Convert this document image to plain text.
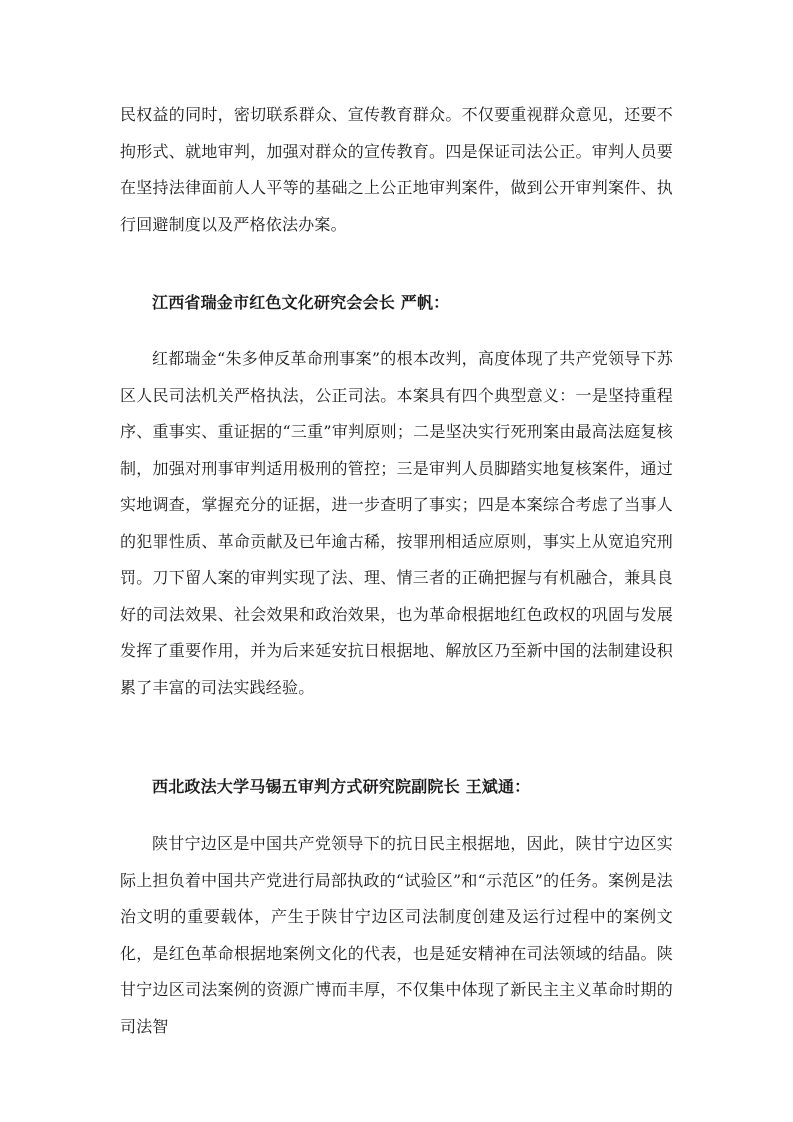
民权益的同时，密切联系群众、宣传教育群众。不仅要重视群众意见，还要不拘形式、就地审判，加强对群众的宣传教育。四是保证司法公正。审判人员要在坚持法律面前人人平等的基础之上公正地审判案件，做到公开审判案件、执行回避制度以及严格依法办案。

江西省瑞金市红色文化研究会会长 严帆：

红都瑞金“朱多伸反革命刑事案”的根本改判，高度体现了共产党领导下苏区人民司法机关严格执法，公正司法。本案具有四个典型意义：一是坚持重程序、重事实、重证据的“三重”审判原则；二是坚决实行死刑案由最高法庭复核制，加强对刑事审判适用极刑的管控；三是审判人员脚踏实地复核案件，通过实地调查，掌握充分的证据，进一步查明了事实；四是本案综合考虑了当事人的犯罪性质、革命贡献及已年逾古稀，按罪刑相适应原则，事实上从宽追究刑罚。刀下留人案的审判实现了法、理、情三者的正确把握与有机融合，兼具良好的司法效果、社会效果和政治效果，也为革命根据地红色政权的巩固与发展发挥了重要作用，并为后来延安抗日根据地、解放区乃至新中国的法制建设积累了丰富的司法实践经验。

西北政法大学马锡五审判方式研究院副院长 王斌通：

陕甘宁边区是中国共产党领导下的抗日民主根据地，因此，陕甘宁边区实际上担负着中国共产党进行局部执政的“试验区”和“示范区”的任务。案例是法治文明的重要载体，产生于陕甘宁边区司法制度创建及运行过程中的案例文化，是红色革命根据地案例文化的代表，也是延安精神在司法领域的结晶。陕甘宁边区司法案例的资源广博而丰厚，不仅集中体现了新民主主义革命时期的司法智
